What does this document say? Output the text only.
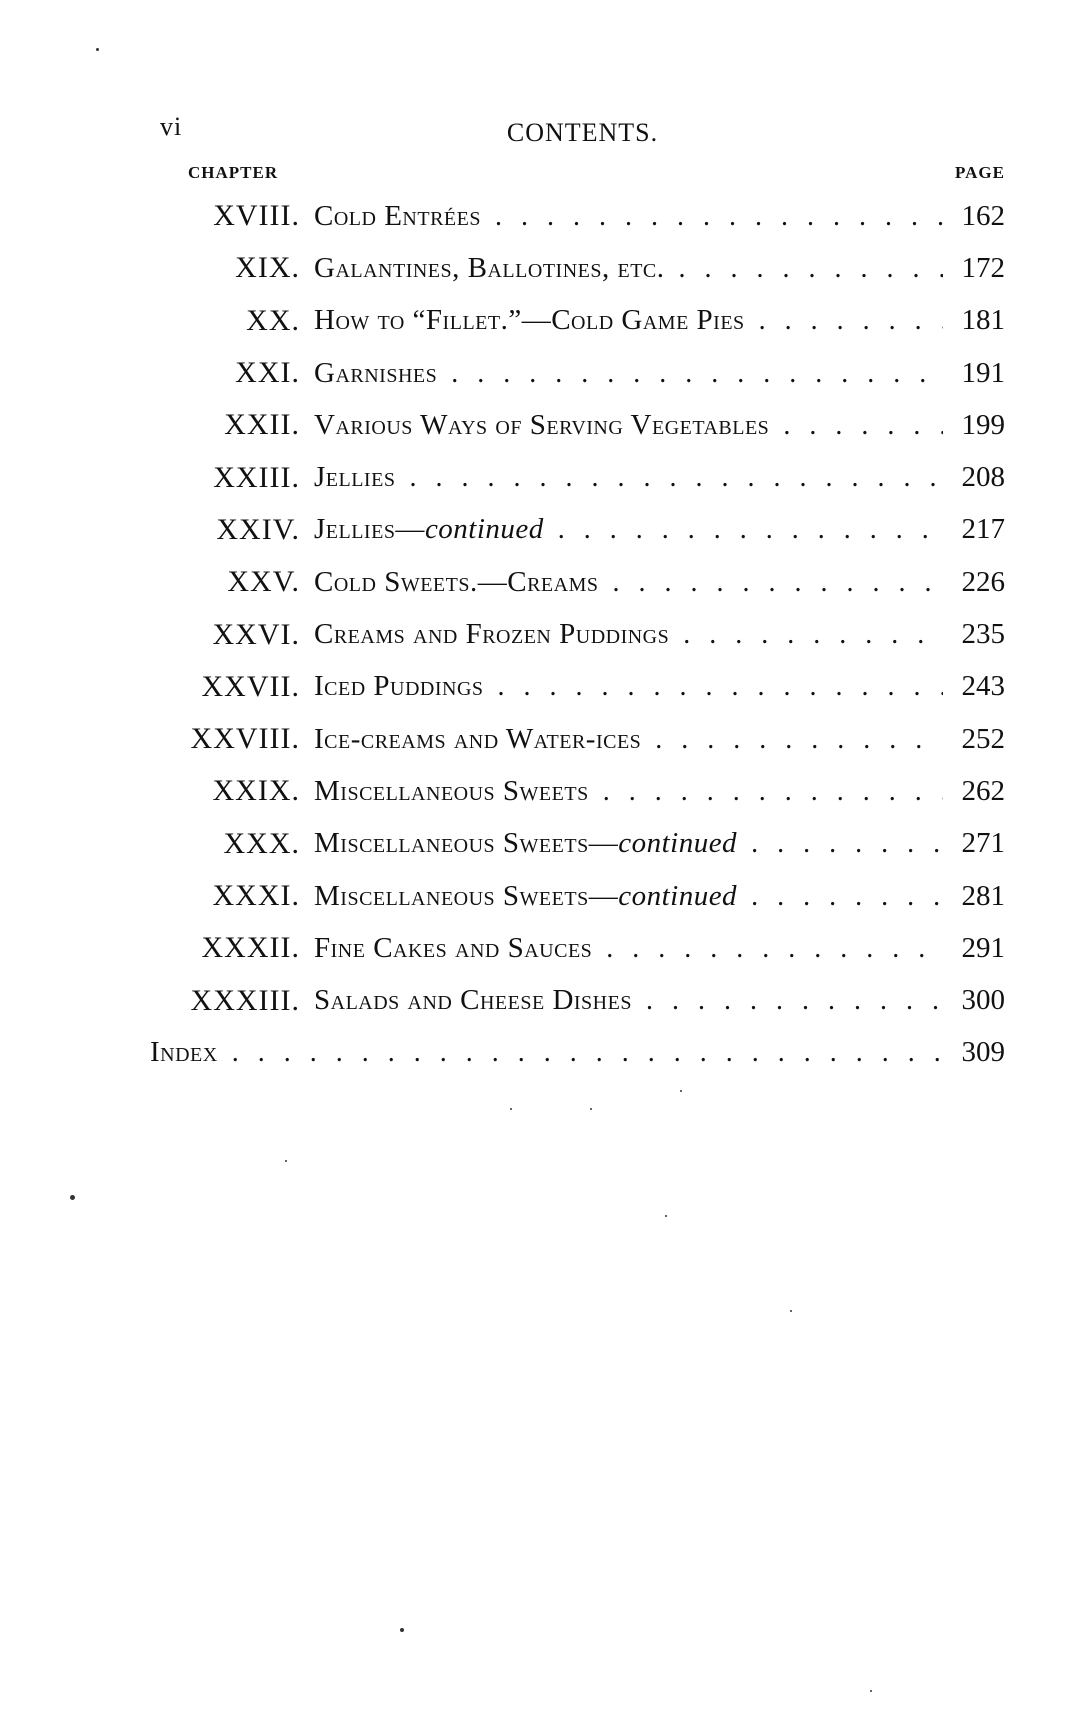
vi	CONTENTS.
CHAPTER	PAGE
XVIII. Cold Entrées . . .	162
XIX. Galantines, Ballotines, etc. . . .	172
XX. How to “Fillet.”—Cold Game Pies . . .	181
XXI. Garnishes . . .	191
XXII. Various Ways of Serving Vegetables . . .	199
XXIII. Jellies . . .	208
XXIV. Jellies—continued . . .	217
XXV. Cold Sweets.—Creams . . .	226
XXVI. Creams and Frozen Puddings . . .	235
XXVII. Iced Puddings . . .	243
XXVIII. Ice-creams and Water-ices . . .	252
XXIX. Miscellaneous Sweets . . .	262
XXX. Miscellaneous Sweets—continued . . .	271
XXXI. Miscellaneous Sweets—continued . . .	281
XXXII. Fine Cakes and Sauces . . .	291
XXXIII. Salads and Cheese Dishes . . .	300
Index . . .	309
